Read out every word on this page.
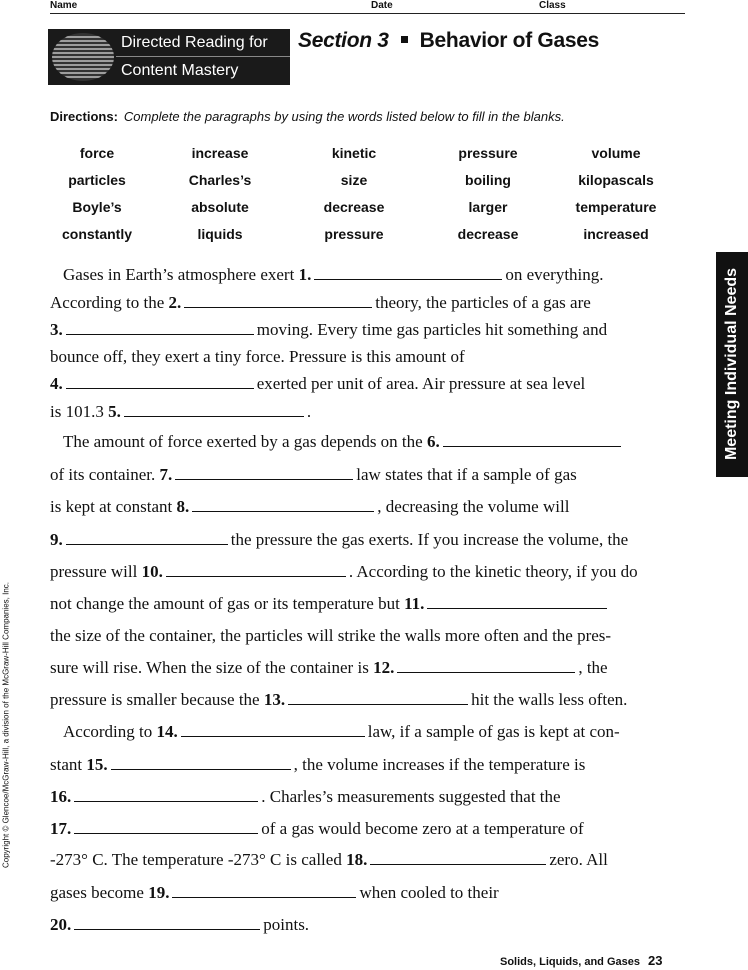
Name	Date	Class
Directed Reading for
Content Mastery
Section 3 Behavior of Gases
Directions: Complete the paragraphs by using the words listed below to fill in the blanks.
force	increase	kinetic	pressure	volume
particles	Charles’s	size	boiling	kilopascals
Boyle’s	absolute	decrease	larger	temperature
constantly	liquids	pressure	decrease	increased
Gases in Earth’s atmosphere exert 1.	on everything.
According to the 2.	theory, the particles of a gas are
3.	moving. Every time gas particles hit something and
bounce off, they exert a tiny force. Pressure is this amount of
4.	exerted per unit of area. Air pressure at sea level
is 101.3 5.	.
The amount of force exerted by a gas depends on the 6.
of its container. 7.	law states that if a sample of gas
is kept at constant 8.	, decreasing the volume will
9.	the pressure the gas exerts. If you increase the volume, the
pressure will 10.	. According to the kinetic theory, if you do
not change the amount of gas or its temperature but 11.
the size of the container, the particles will strike the walls more often and the pres-
sure will rise. When the size of the container is 12.	, the
pressure is smaller because the 13.	hit the walls less often.
According to 14.	law, if a sample of gas is kept at con-
stant 15.	, the volume increases if the temperature is
16.	. Charles’s measurements suggested that the
17.	of a gas would become zero at a temperature of
-273° C. The temperature -273° C is called 18.	zero. All
gases become 19.	when cooled to their
20.	points.
Meeting Individual Needs
Copyright © Glencoe/McGraw-Hill, a division of the McGraw-Hill Companies, Inc.
Solids, Liquids, and Gases 23
